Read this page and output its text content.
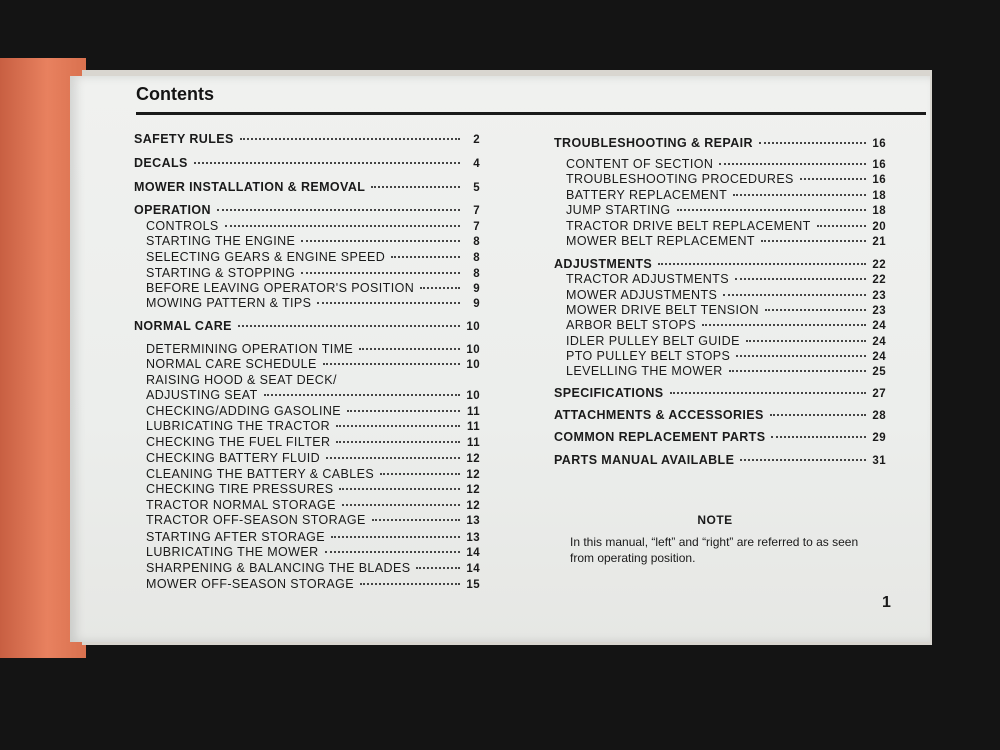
Contents
SAFETY RULES	2
DECALS	4
MOWER INSTALLATION & REMOVAL	5
OPERATION	7
CONTROLS	7
STARTING THE ENGINE	8
SELECTING GEARS & ENGINE SPEED	8
STARTING & STOPPING	8
BEFORE LEAVING OPERATOR'S POSITION	9
MOWING PATTERN & TIPS	9
NORMAL CARE	10
DETERMINING OPERATION TIME	10
NORMAL CARE SCHEDULE	10
RAISING HOOD & SEAT DECK/
ADJUSTING SEAT	10
CHECKING/ADDING GASOLINE	11
LUBRICATING THE TRACTOR	11
CHECKING THE FUEL FILTER	11
CHECKING BATTERY FLUID	12
CLEANING THE BATTERY & CABLES	12
CHECKING TIRE PRESSURES	12
TRACTOR NORMAL STORAGE	12
TRACTOR OFF-SEASON STORAGE	13
STARTING AFTER STORAGE	13
LUBRICATING THE MOWER	14
SHARPENING & BALANCING THE BLADES	14
MOWER OFF-SEASON STORAGE	15
TROUBLESHOOTING & REPAIR	16
CONTENT OF SECTION	16
TROUBLESHOOTING PROCEDURES	16
BATTERY REPLACEMENT	18
JUMP STARTING	18
TRACTOR DRIVE BELT REPLACEMENT	20
MOWER BELT REPLACEMENT	21
ADJUSTMENTS	22
TRACTOR ADJUSTMENTS	22
MOWER ADJUSTMENTS	23
MOWER DRIVE BELT TENSION	23
ARBOR BELT STOPS	24
IDLER PULLEY BELT GUIDE	24
PTO PULLEY BELT STOPS	24
LEVELLING THE MOWER	25
SPECIFICATIONS	27
ATTACHMENTS & ACCESSORIES	28
COMMON REPLACEMENT PARTS	29
PARTS MANUAL AVAILABLE	31
NOTE
In this manual, “left” and “right” are referred to as seen from operating position.
1
